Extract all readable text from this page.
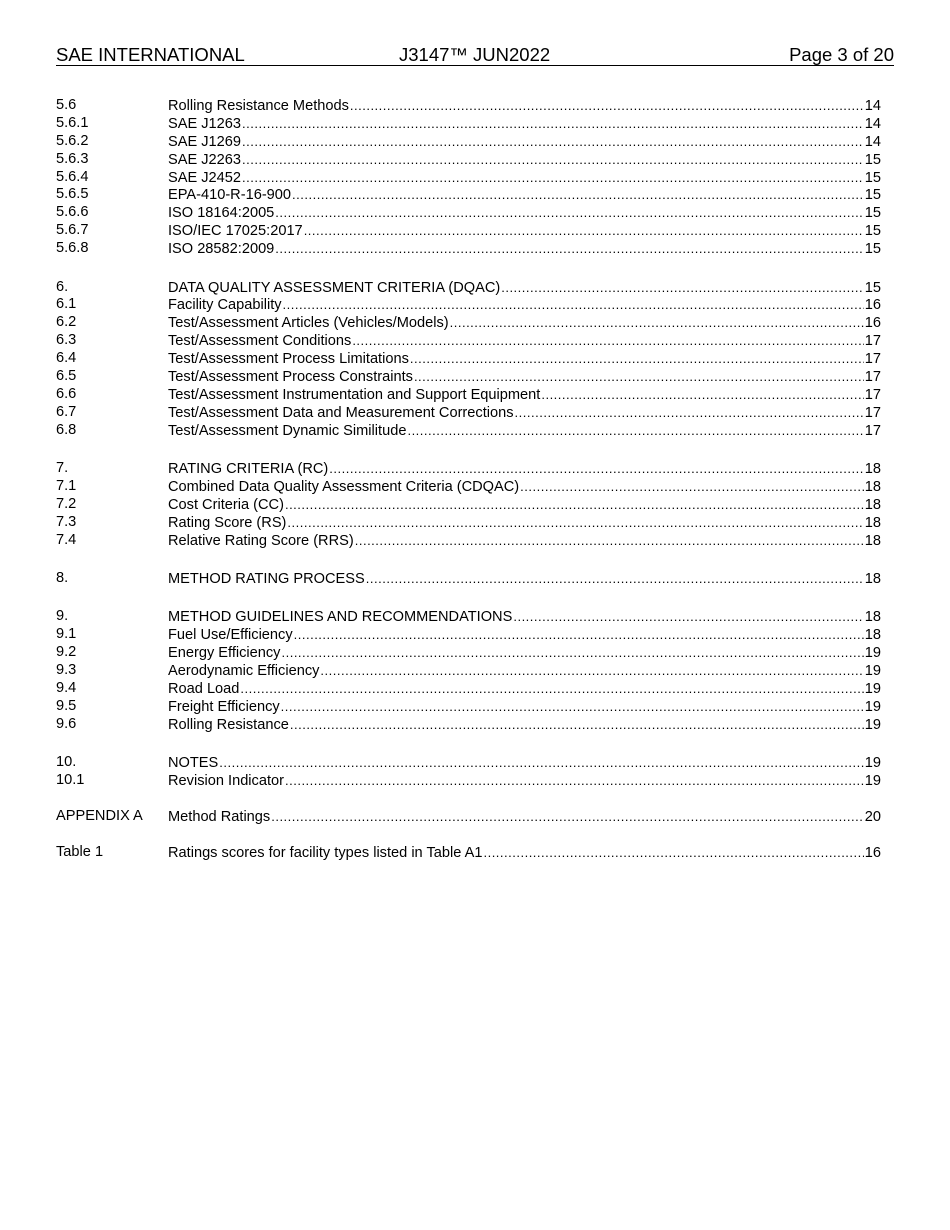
SAE INTERNATIONAL	J3147™ JUN2022	Page 3 of 20
5.6	Rolling Resistance Methods .....	14
5.6.1	SAE J1263 .....	14
5.6.2	SAE J1269 .....	14
5.6.3	SAE J2263 .....	15
5.6.4	SAE J2452 .....	15
5.6.5	EPA-410-R-16-900 .....	15
5.6.6	ISO 18164:2005 .....	15
5.6.7	ISO/IEC 17025:2017 .....	15
5.6.8	ISO 28582:2009 .....	15
6.	DATA QUALITY ASSESSMENT CRITERIA (DQAC) .....	15
6.1	Facility Capability .....	16
6.2	Test/Assessment Articles (Vehicles/Models) .....	16
6.3	Test/Assessment Conditions .....	17
6.4	Test/Assessment Process Limitations .....	17
6.5	Test/Assessment Process Constraints .....	17
6.6	Test/Assessment Instrumentation and Support Equipment .....	17
6.7	Test/Assessment Data and Measurement Corrections .....	17
6.8	Test/Assessment Dynamic Similitude .....	17
7.	RATING CRITERIA (RC) .....	18
7.1	Combined Data Quality Assessment Criteria (CDQAC) .....	18
7.2	Cost Criteria (CC) .....	18
7.3	Rating Score (RS) .....	18
7.4	Relative Rating Score (RRS) .....	18
8.	METHOD RATING PROCESS .....	18
9.	METHOD GUIDELINES AND RECOMMENDATIONS .....	18
9.1	Fuel Use/Efficiency .....	18
9.2	Energy Efficiency .....	19
9.3	Aerodynamic Efficiency .....	19
9.4	Road Load .....	19
9.5	Freight Efficiency .....	19
9.6	Rolling Resistance .....	19
10.	NOTES .....	19
10.1	Revision Indicator .....	19
APPENDIX A Method Ratings .....	20
Table 1	Ratings scores for facility types listed in Table A1 .....	16
